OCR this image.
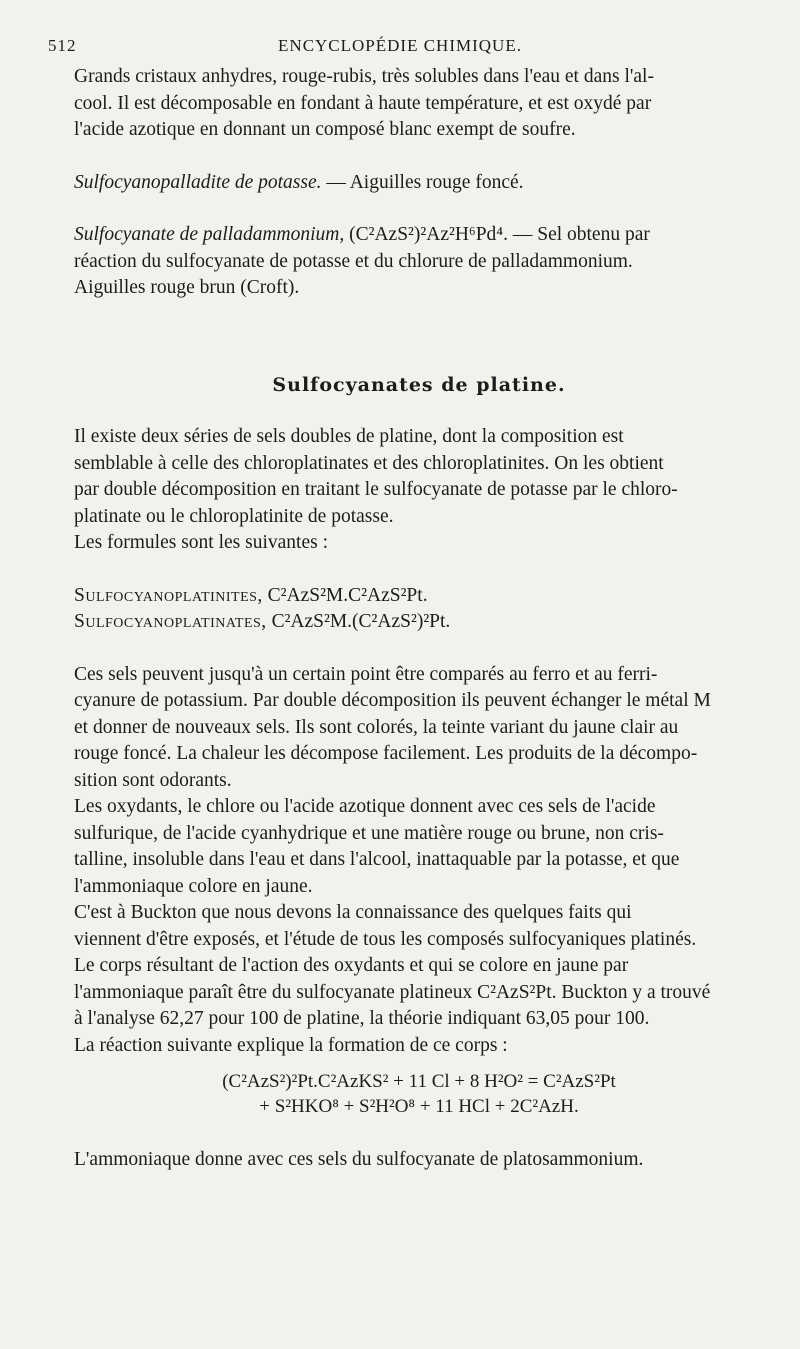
512	ENCYCLOPÉDIE CHIMIQUE.

Grands cristaux anhydres, rouge-rubis, très solubles dans l'eau et dans l'al-

cool. Il est décomposable en fondant à haute température, et est oxydé par

l'acide azotique en donnant un composé blanc exempt de soufre.

Sulfocyanopalladite de potasse. — Aiguilles rouge foncé.

Sulfocyanate de palladammonium, (C²AzS²)²Az²H⁶Pd⁴. — Sel obtenu par

réaction du sulfocyanate de potasse et du chlorure de palladammonium.

Aiguilles rouge brun (Croft).

Sulfocyanates de platine.

Il existe deux séries de sels doubles de platine, dont la composition est

semblable à celle des chloroplatinates et des chloroplatinites. On les obtient

par double décomposition en traitant le sulfocyanate de potasse par le chloro-

platinate ou le chloroplatinite de potasse.

Les formules sont les suivantes :

Sulfocyanoplatinites, C²AzS²M.C²AzS²Pt.

Sulfocyanoplatinates, C²AzS²M.(C²AzS²)²Pt.

Ces sels peuvent jusqu'à un certain point être comparés au ferro et au ferri-

cyanure de potassium. Par double décomposition ils peuvent échanger le métal M

et donner de nouveaux sels. Ils sont colorés, la teinte variant du jaune clair au

rouge foncé. La chaleur les décompose facilement. Les produits de la décompo-

sition sont odorants.

Les oxydants, le chlore ou l'acide azotique donnent avec ces sels de l'acide

sulfurique, de l'acide cyanhydrique et une matière rouge ou brune, non cris-

talline, insoluble dans l'eau et dans l'alcool, inattaquable par la potasse, et que

l'ammoniaque colore en jaune.

C'est à Buckton que nous devons la connaissance des quelques faits qui

viennent d'être exposés, et l'étude de tous les composés sulfocyaniques platinés.

Le corps résultant de l'action des oxydants et qui se colore en jaune par

l'ammoniaque paraît être du sulfocyanate platineux C²AzS²Pt. Buckton y a trouvé

à l'analyse 62,27 pour 100 de platine, la théorie indiquant 63,05 pour 100.

La réaction suivante explique la formation de ce corps :

(C²AzS²)²Pt.C²AzKS² + 11 Cl + 8 H²O² = C²AzS²Pt

+ S²HKO⁸ + S²H²O⁸ + 11 HCl + 2C²AzH.

L'ammoniaque donne avec ces sels du sulfocyanate de platosammonium.
